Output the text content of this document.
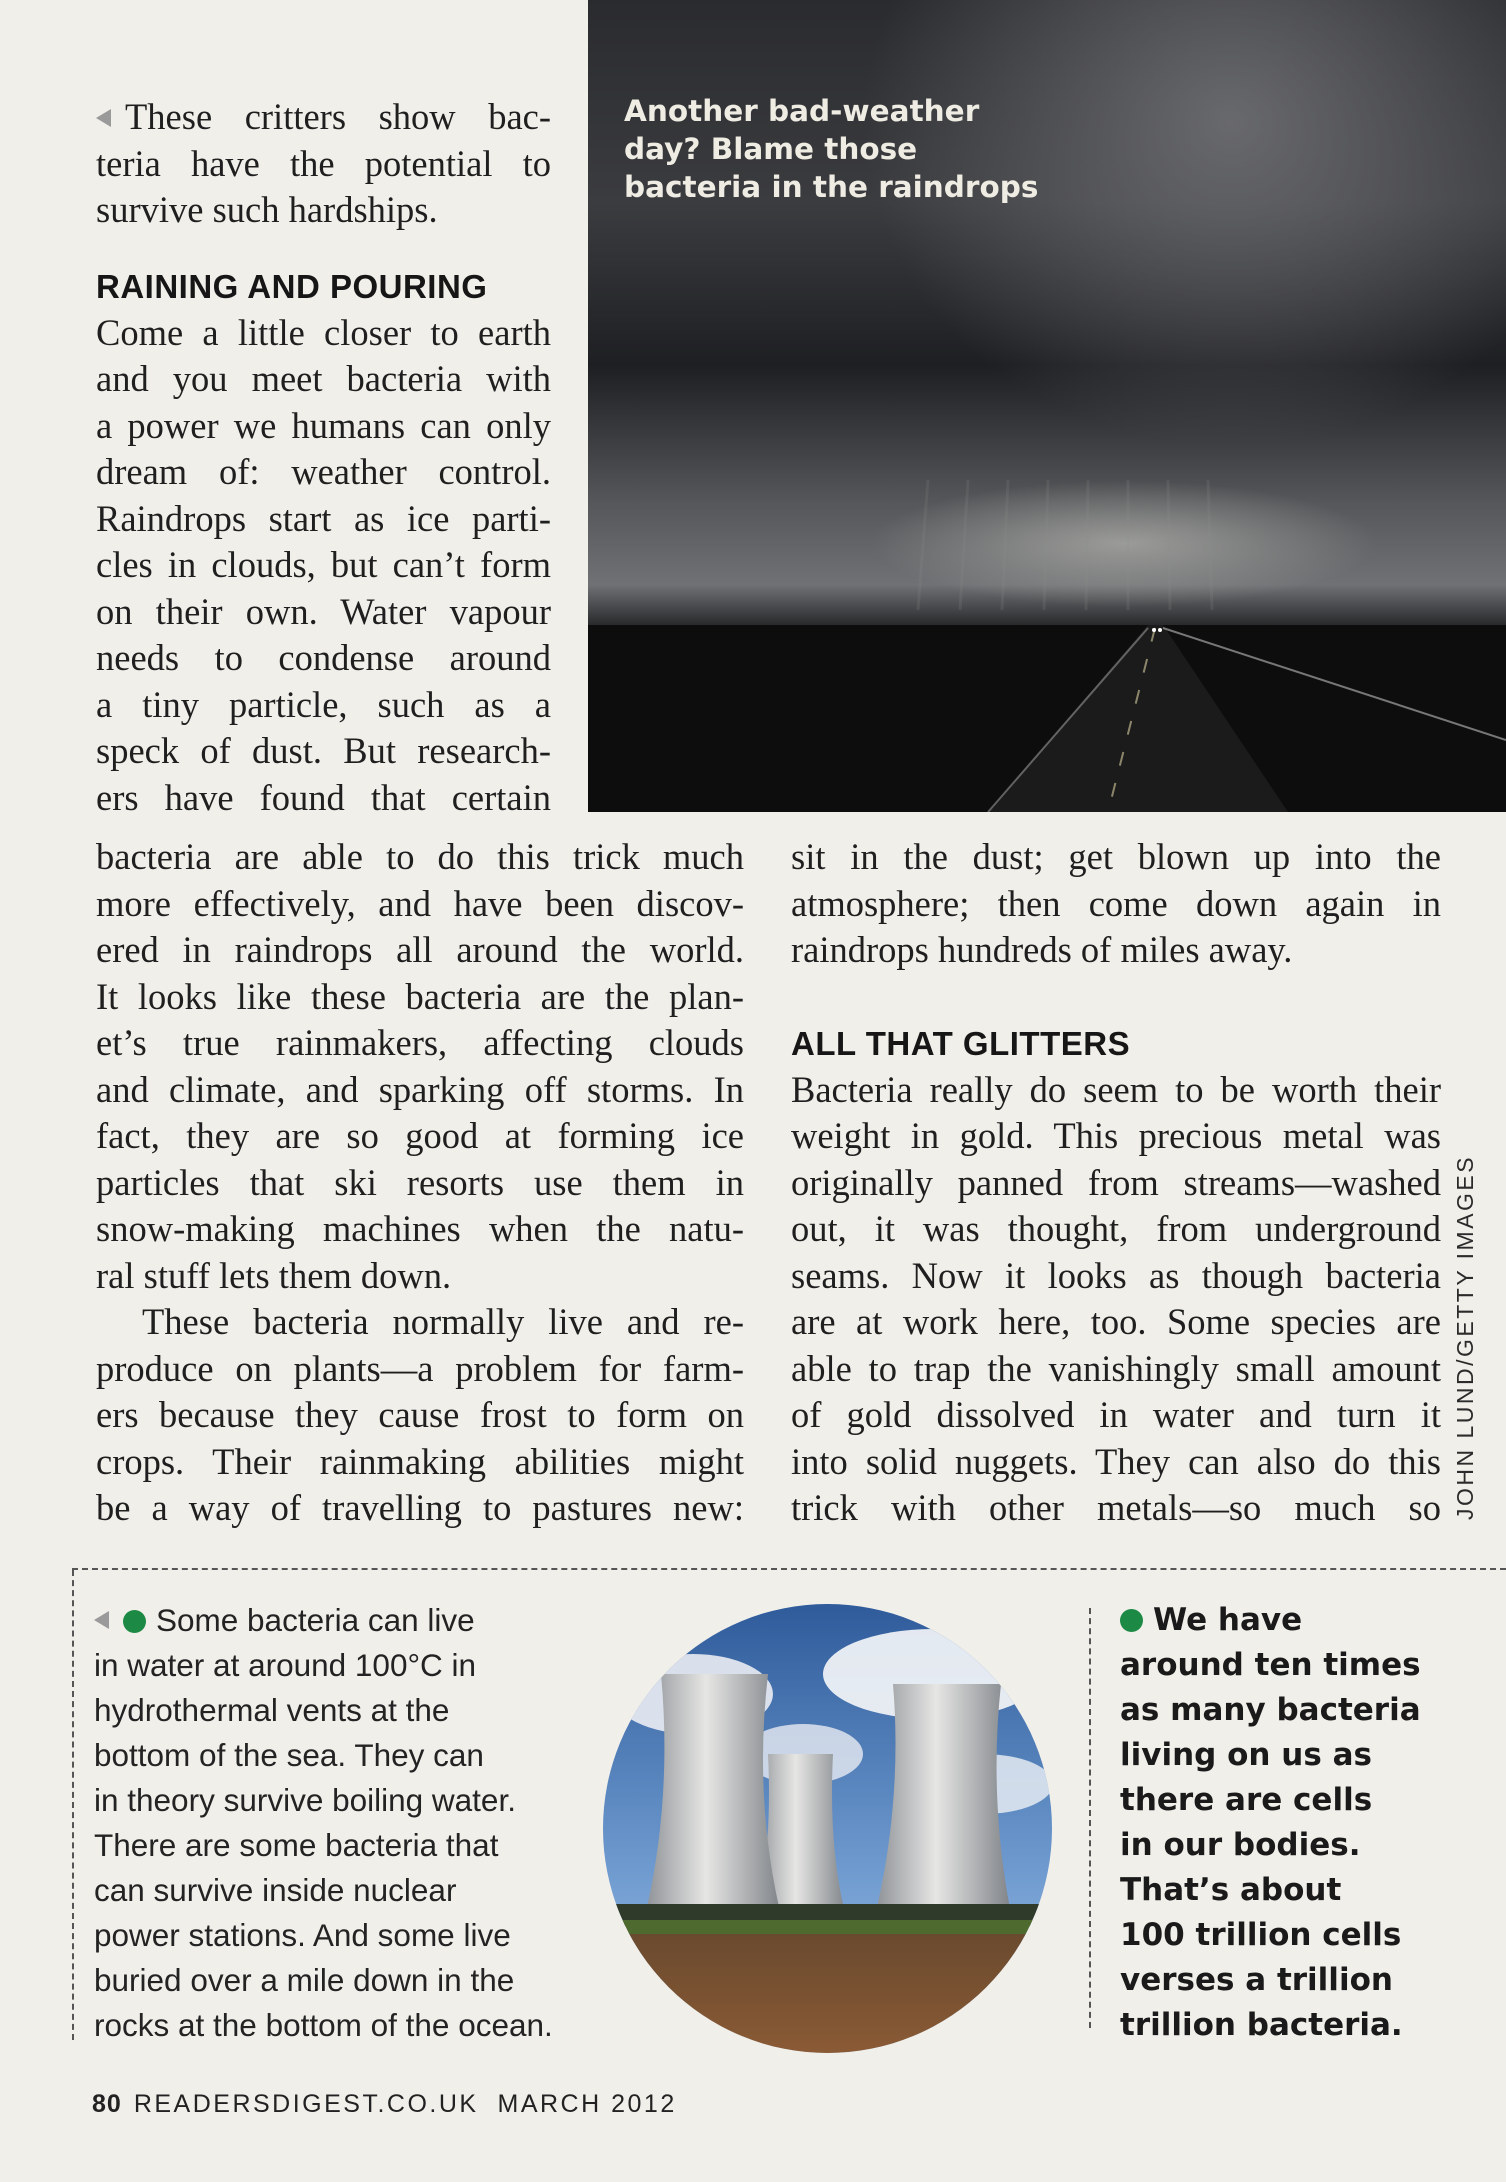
Another bad-weather
day? Blame those
bacteria in the raindrops
These critters show bac-
teria have the potential to
survive such hardships.
RAINING AND POURING
Come a little closer to earth
and you meet bacteria with
a power we humans can only
dream of: weather control.
Raindrops start as ice parti-
cles in clouds, but can’t form
on their own. Water vapour
needs to condense around
a tiny particle, such as a
speck of dust. But research-
ers have found that certain
bacteria are able to do this trick much
more effectively, and have been discov-
ered in raindrops all around the world.
It looks like these bacteria are the plan-
et’s true rainmakers, affecting clouds
and climate, and sparking off storms. In
fact, they are so good at forming ice
particles that ski resorts use them in
snow-making machines when the natu-
ral stuff lets them down.
These bacteria normally live and re-
produce on plants—a problem for farm-
ers because they cause frost to form on
crops. Their rainmaking abilities might
be a way of travelling to pastures new:
sit in the dust; get blown up into the
atmosphere; then come down again in
raindrops hundreds of miles away.
ALL THAT GLITTERS
Bacteria really do seem to be worth their
weight in gold. This precious metal was
originally panned from streams—washed
out, it was thought, from underground
seams. Now it looks as though bacteria
are at work here, too. Some species are
able to trap the vanishingly small amount
of gold dissolved in water and turn it
into solid nuggets. They can also do this
trick with other metals—so much so JOHN LUND/GETTY IMAGES
Some bacteria can live
in water at around 100°C in
hydrothermal vents at the
bottom of the sea. They can
in theory survive boiling water.
There are some bacteria that
can survive inside nuclear
power stations. And some live
buried over a mile down in the
rocks at the bottom of the ocean.
We have
around ten times
as many bacteria
living on us as
there are cells
in our bodies.
That’s about
100 trillion cells
verses a trillion
trillion bacteria.
80 READERSDIGEST.CO.UK MARCH 2012
